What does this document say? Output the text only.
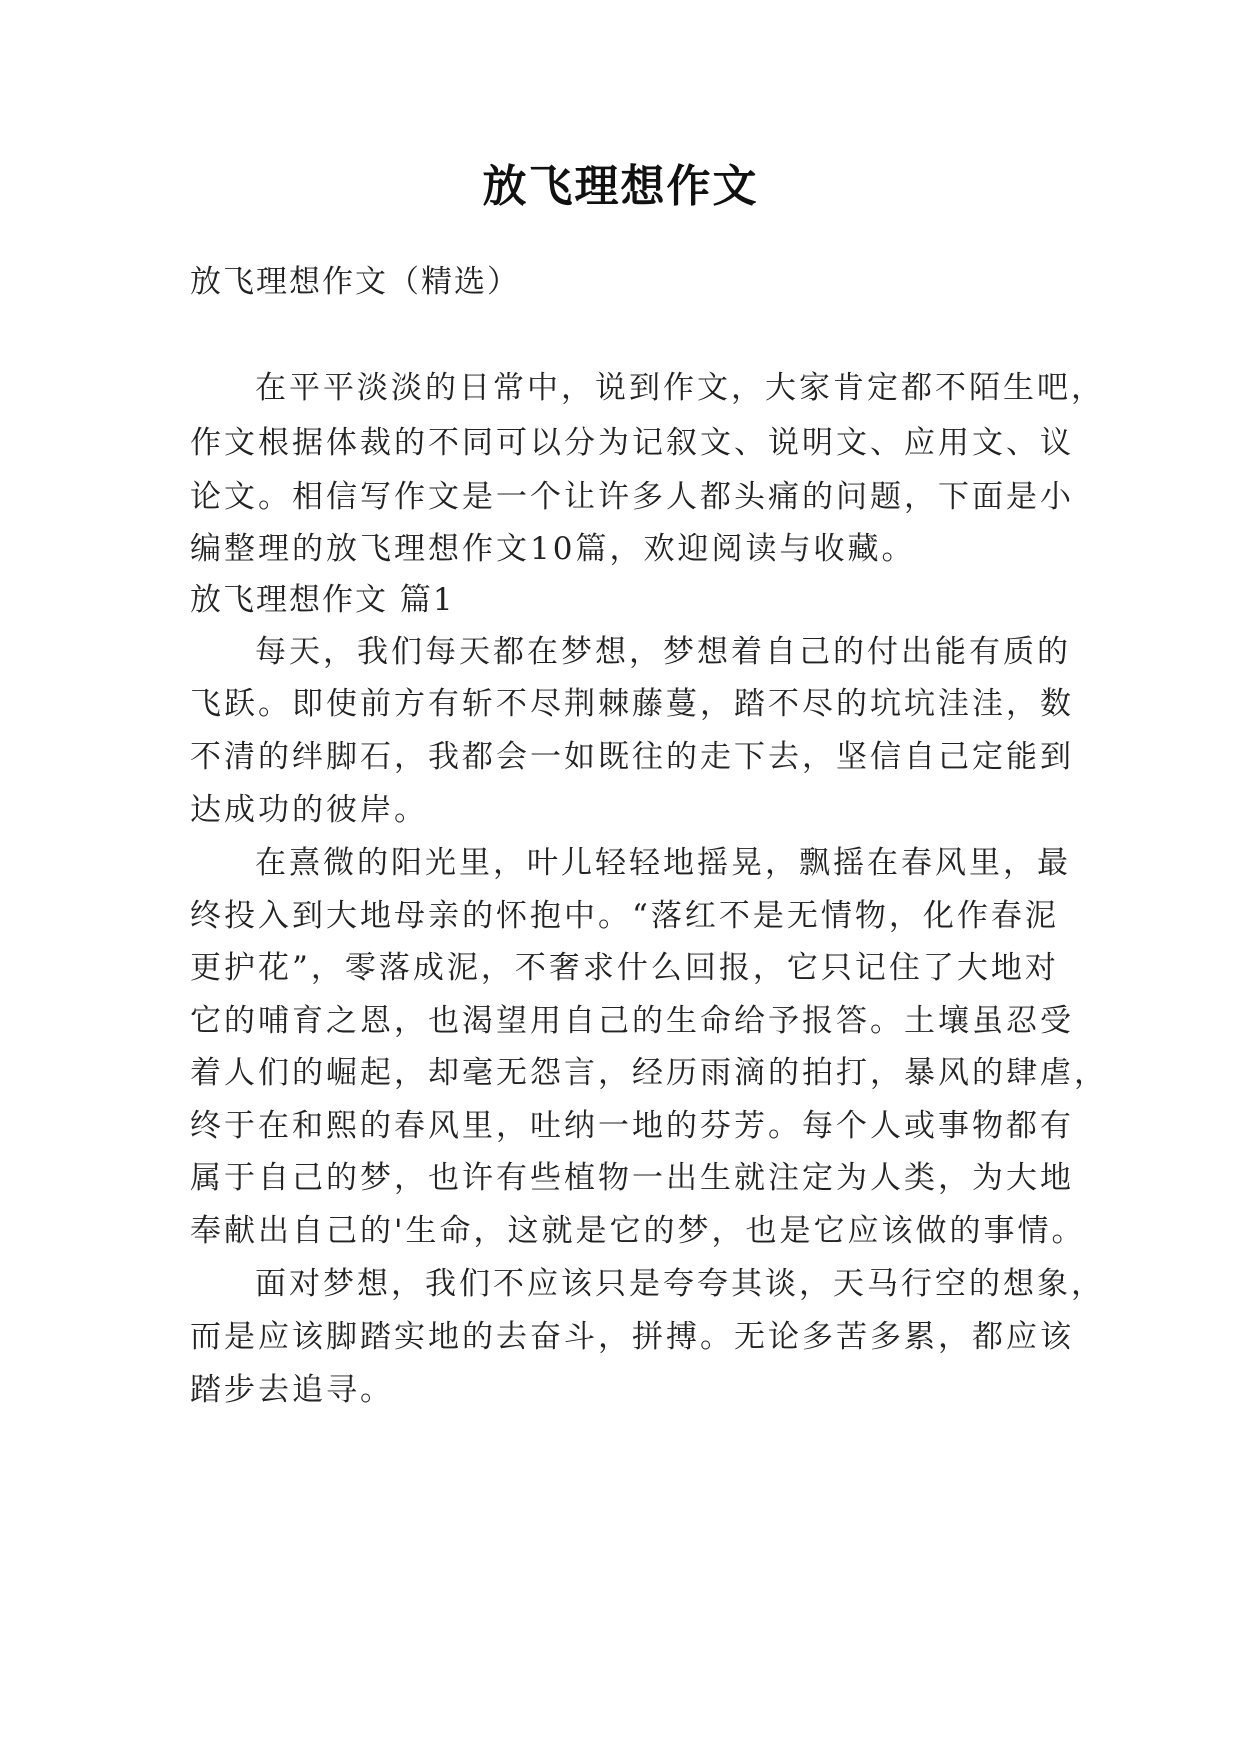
放飞理想作文
放飞理想作文（精选）
在平平淡淡的日常中，说到作文，大家肯定都不陌生吧，
作文根据体裁的不同可以分为记叙文、说明文、应用文、议
论文。相信写作文是一个让许多人都头痛的问题，下面是小
编整理的放飞理想作文10篇，欢迎阅读与收藏。
放飞理想作文 篇1
每天，我们每天都在梦想，梦想着自己的付出能有质的
飞跃。即使前方有斩不尽荆棘藤蔓，踏不尽的坑坑洼洼，数
不清的绊脚石，我都会一如既往的走下去，坚信自己定能到
达成功的彼岸。
在熹微的阳光里，叶儿轻轻地摇晃，飘摇在春风里，最
终投入到大地母亲的怀抱中。“落红不是无情物，化作春泥
更护花”，零落成泥，不奢求什么回报，它只记住了大地对
它的哺育之恩，也渴望用自己的生命给予报答。土壤虽忍受
着人们的崛起，却毫无怨言，经历雨滴的拍打，暴风的肆虐，
终于在和熙的春风里，吐纳一地的芬芳。每个人或事物都有
属于自己的梦，也许有些植物一出生就注定为人类，为大地
奉献出自己的'生命，这就是它的梦，也是它应该做的事情。
面对梦想，我们不应该只是夸夸其谈，天马行空的想象，
而是应该脚踏实地的去奋斗，拼搏。无论多苦多累，都应该
踏步去追寻。
